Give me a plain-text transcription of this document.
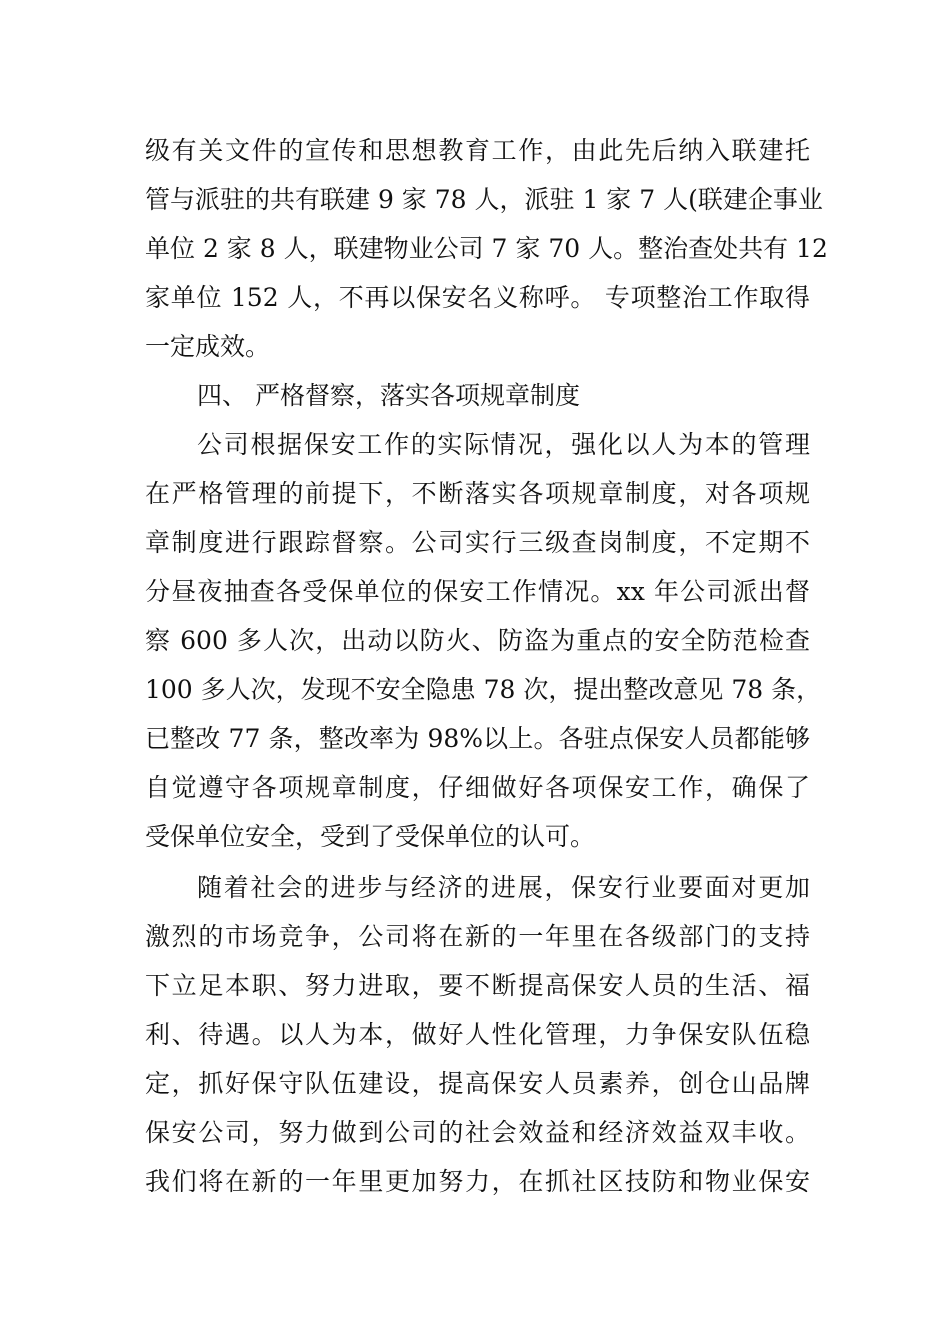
级有关文件的宣传和思想教育工作，由此先后纳入联建托
管与派驻的共有联建 9 家 78 人，派驻 1 家 7 人(联建企事业
单位 2 家 8 人，联建物业公司 7 家 70 人。整治查处共有 12
家单位 152 人，不再以保安名义称呼。 专项整治工作取得
一定成效。
四、 严格督察，落实各项规章制度
公司根据保安工作的实际情况，强化以人为本的管理
在严格管理的前提下，不断落实各项规章制度，对各项规
章制度进行跟踪督察。公司实行三级查岗制度，不定期不
分昼夜抽查各受保单位的保安工作情况。xx 年公司派出督
察 600 多人次，出动以防火、防盗为重点的安全防范检查
100 多人次，发现不安全隐患 78 次，提出整改意见 78 条，
已整改 77 条，整改率为 98%以上。各驻点保安人员都能够
自觉遵守各项规章制度，仔细做好各项保安工作，确保了
受保单位安全，受到了受保单位的认可。
随着社会的进步与经济的进展，保安行业要面对更加
激烈的市场竞争，公司将在新的一年里在各级部门的支持
下立足本职、努力进取，要不断提高保安人员的生活、福
利、待遇。以人为本，做好人性化管理，力争保安队伍稳
定，抓好保守队伍建设，提高保安人员素养，创仓山品牌
保安公司，努力做到公司的社会效益和经济效益双丰收。
我们将在新的一年里更加努力，在抓社区技防和物业保安
